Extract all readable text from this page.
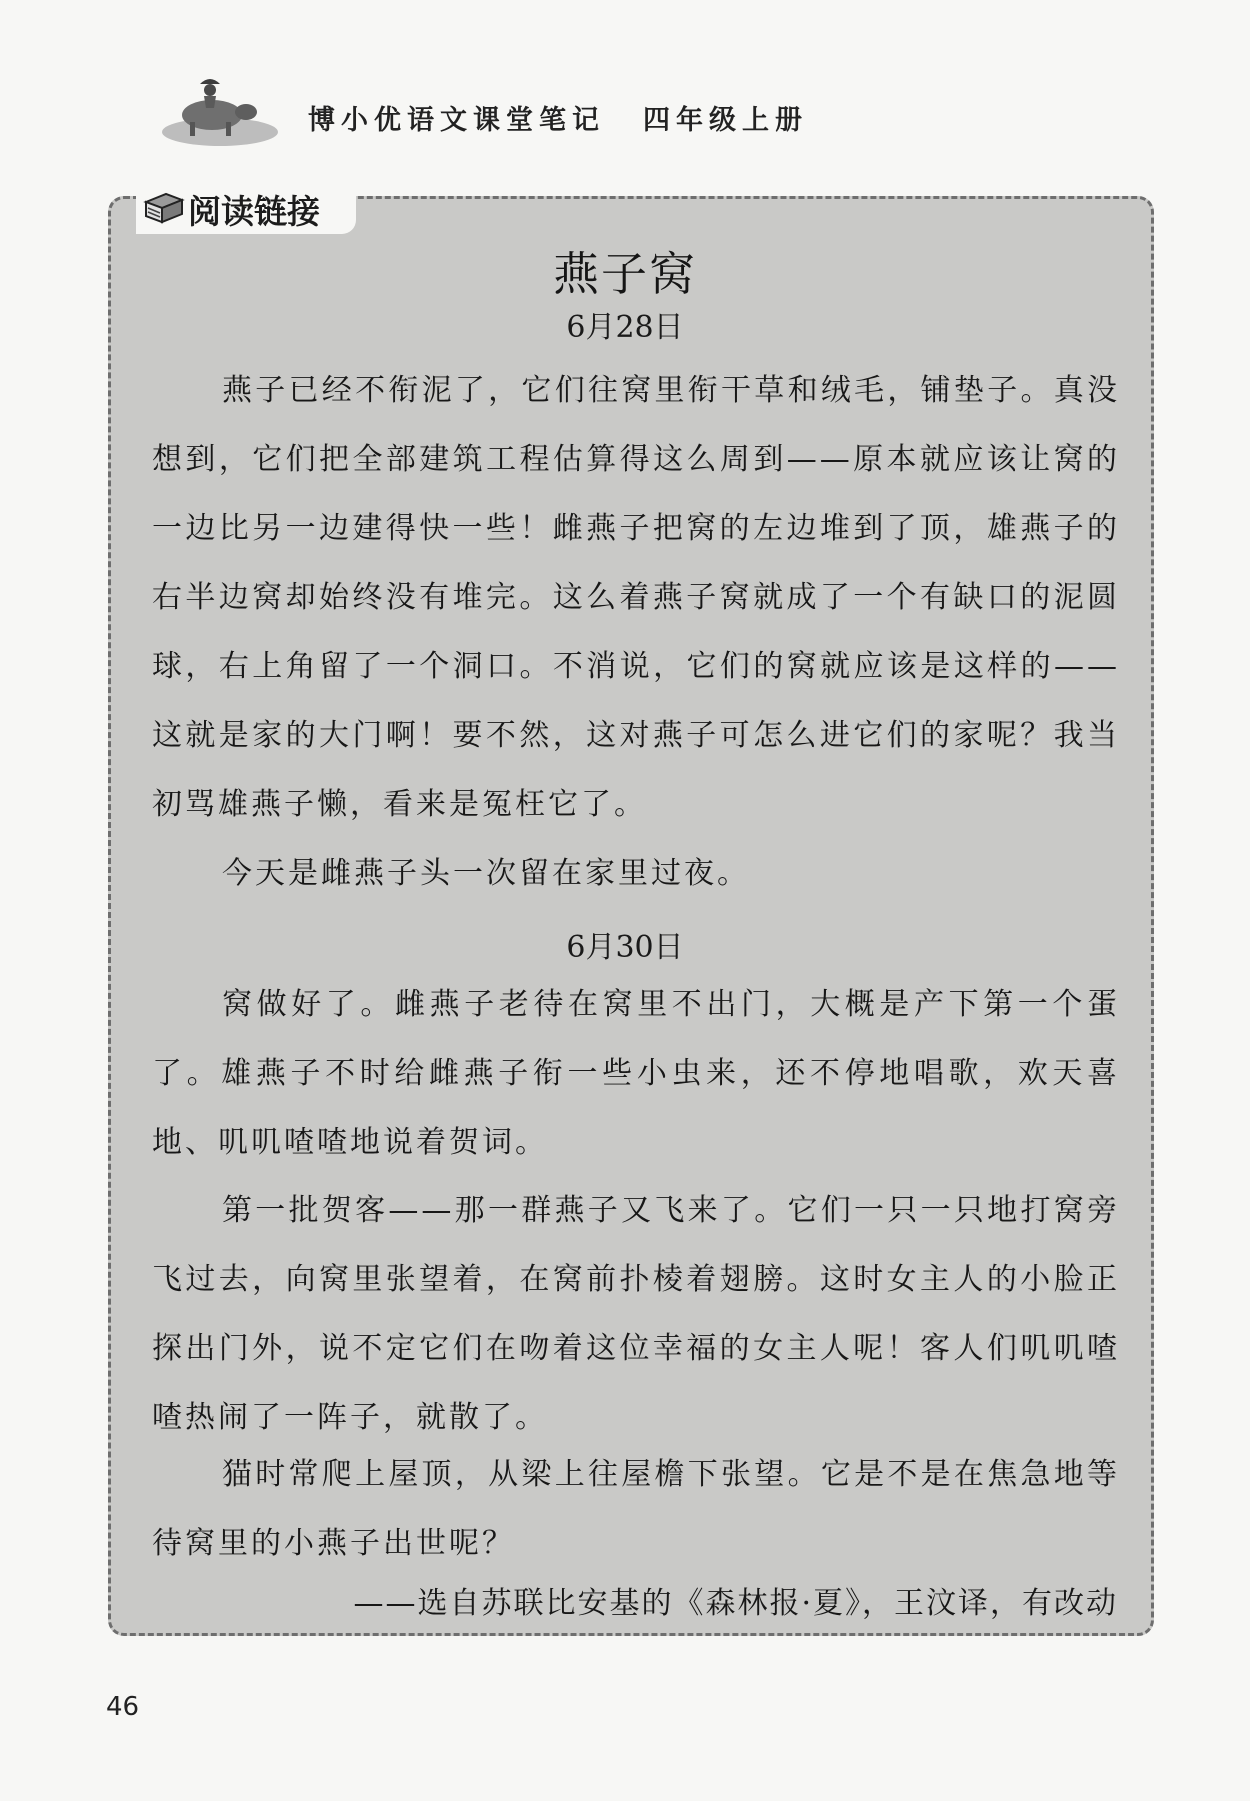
博小优语文课堂笔记 四年级上册
阅读链接
燕子窝
6月28日

燕子已经不衔泥了，它们往窝里衔干草和绒毛，铺垫子。真没想到，它们把全部建筑工程估算得这么周到——原本就应该让窝的一边比另一边建得快一些！雌燕子把窝的左边堆到了顶，雄燕子的右半边窝却始终没有堆完。这么着燕子窝就成了一个有缺口的泥圆球，右上角留了一个洞口。不消说，它们的窝就应该是这样的——这就是家的大门啊！要不然，这对燕子可怎么进它们的家呢？我当初骂雄燕子懒，看来是冤枉它了。

今天是雌燕子头一次留在家里过夜。

6月30日

窝做好了。雌燕子老待在窝里不出门，大概是产下第一个蛋了。雄燕子不时给雌燕子衔一些小虫来，还不停地唱歌，欢天喜地、叽叽喳喳地说着贺词。

第一批贺客——那一群燕子又飞来了。它们一只一只地打窝旁飞过去，向窝里张望着，在窝前扑棱着翅膀。这时女主人的小脸正探出门外，说不定它们在吻着这位幸福的女主人呢！客人们叽叽喳喳热闹了一阵子，就散了。

猫时常爬上屋顶，从梁上往屋檐下张望。它是不是在焦急地等待窝里的小燕子出世呢？

——选自苏联比安基的《森林报·夏》，王汶译，有改动
46
